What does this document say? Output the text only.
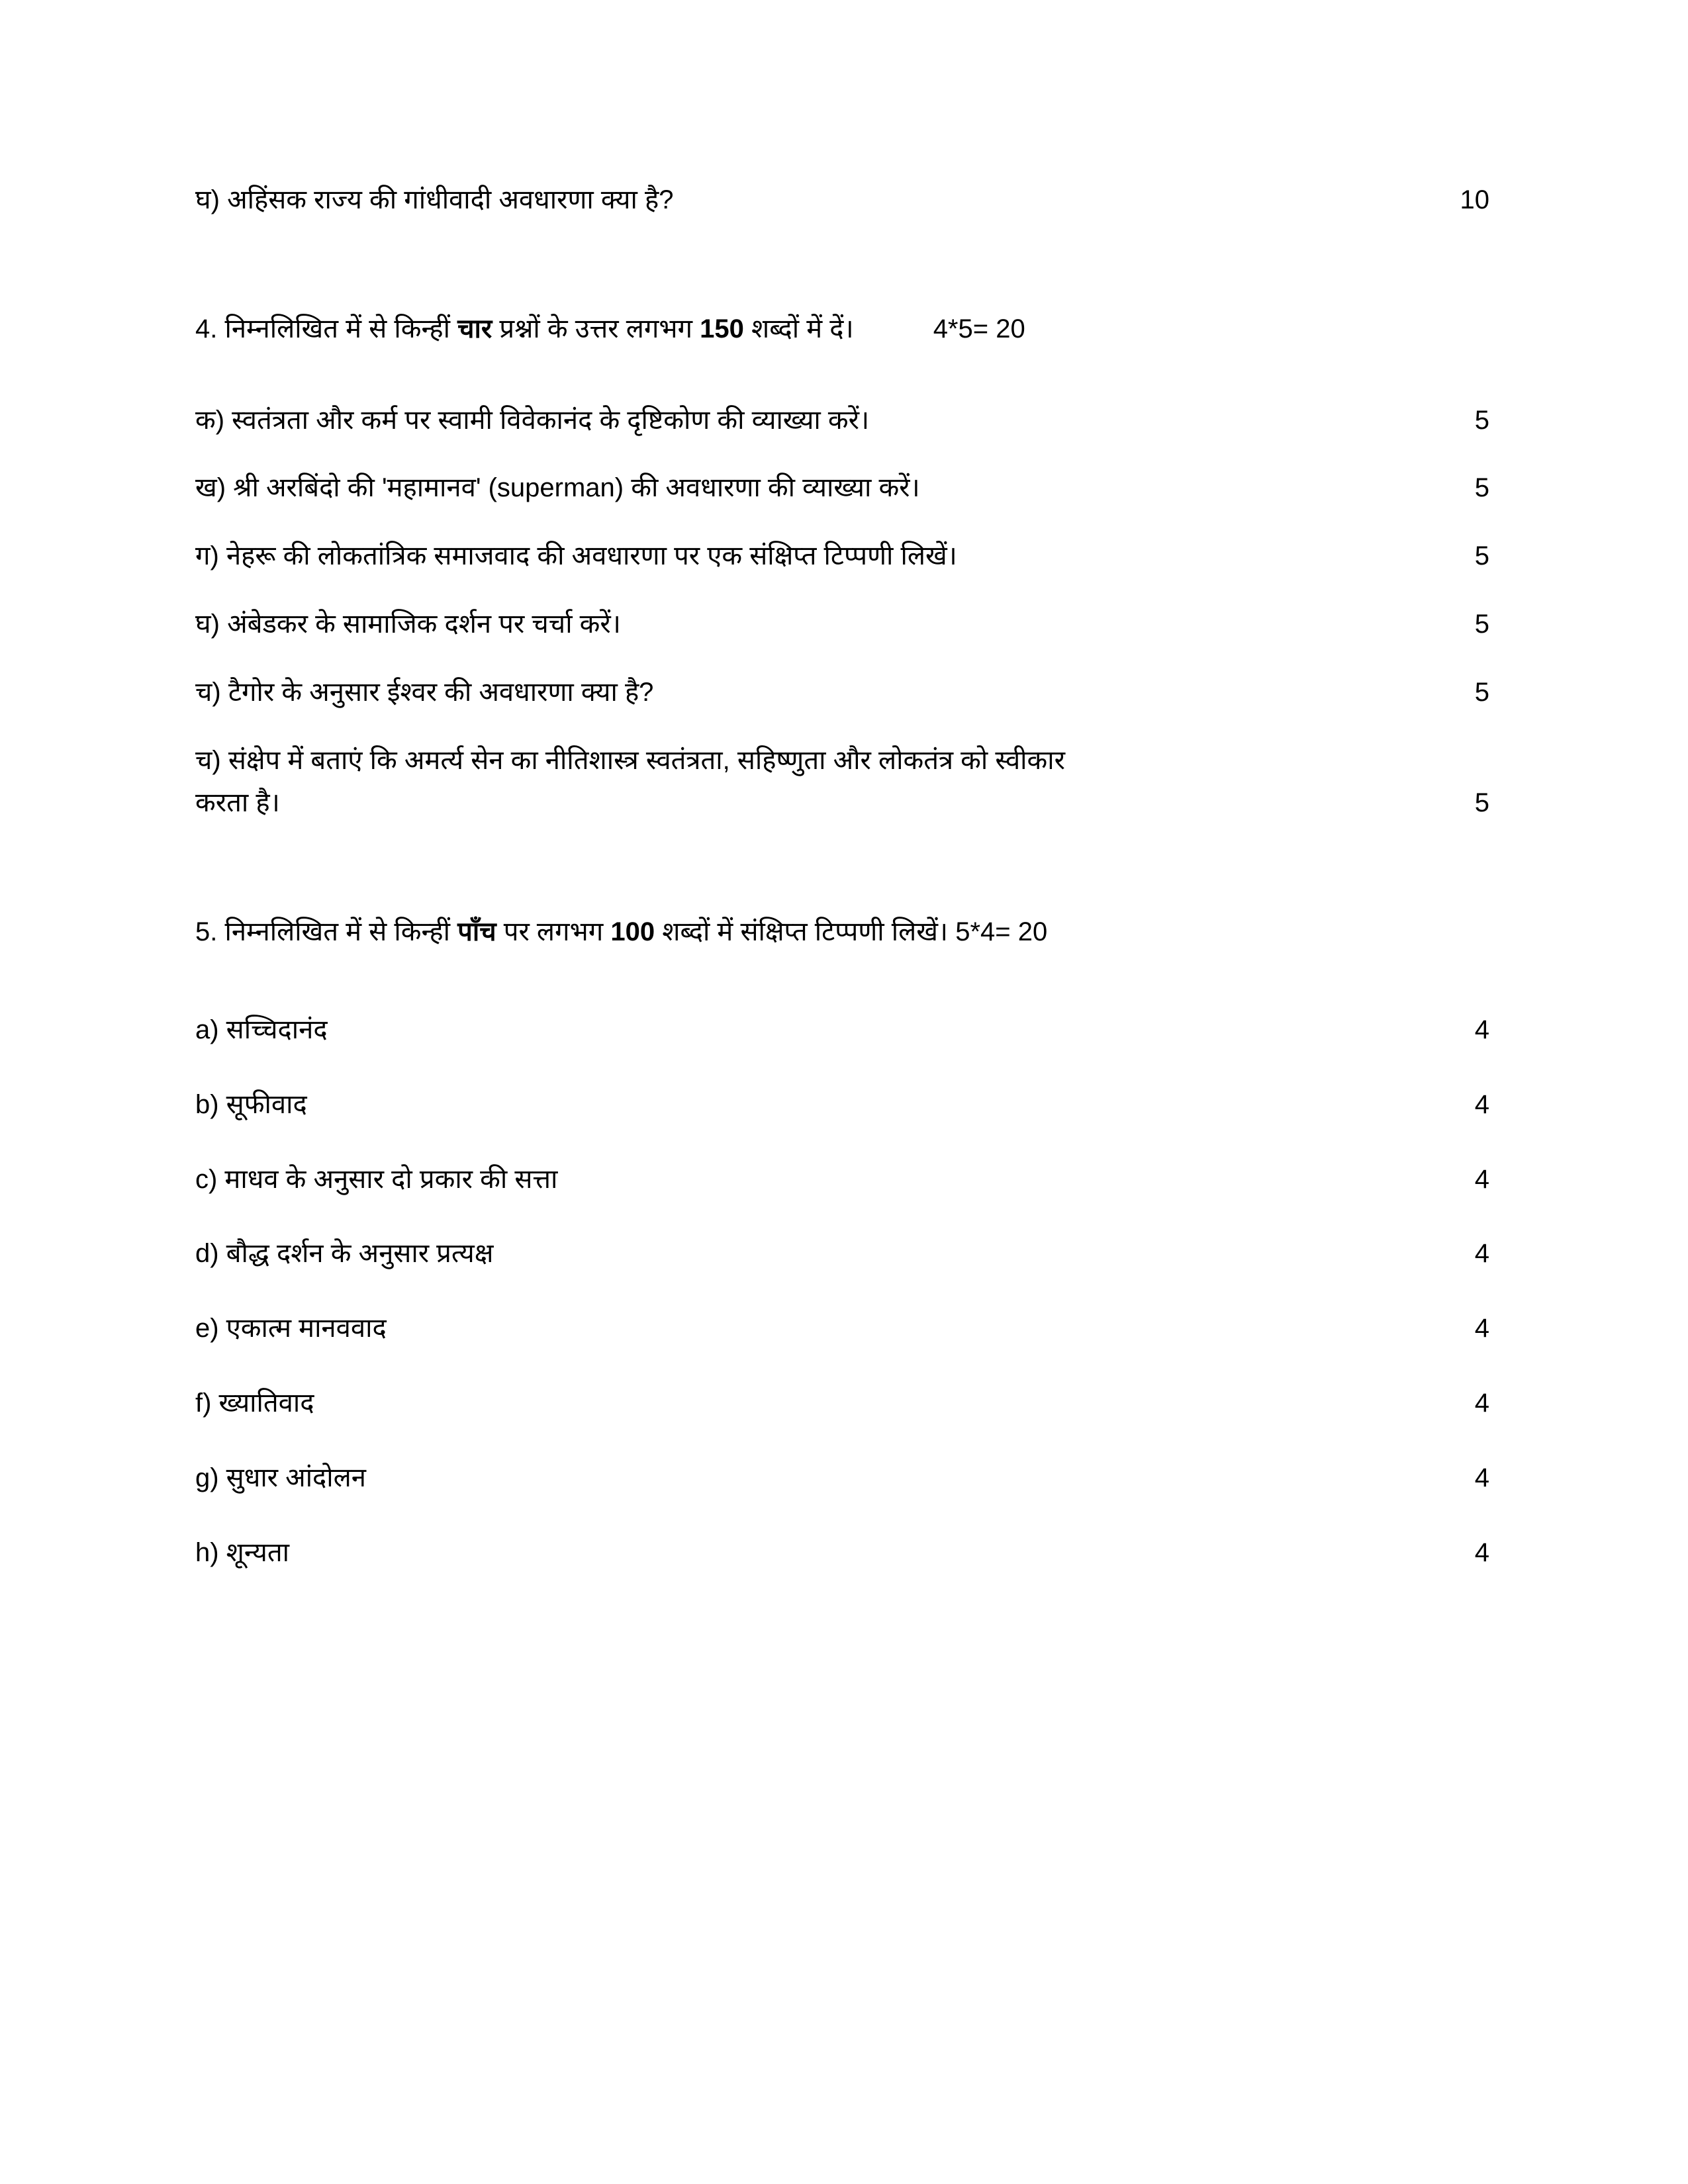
घ) अहिंसक राज्य की गांधीवादी अवधारणा क्या है?	10
4. निम्नलिखित में से किन्हीं चार प्रश्नों के उत्तर लगभग 150 शब्दों में दें।	4*5= 20
क) स्वतंत्रता और कर्म पर स्वामी विवेकानंद के दृष्टिकोण की व्याख्या करें।	5
ख) श्री अरबिंदो की 'महामानव' (superman) की अवधारणा की व्याख्या करें।	5
ग) नेहरू की लोकतांत्रिक समाजवाद की अवधारणा पर एक संक्षिप्त टिप्पणी लिखें।	5
घ) अंबेडकर के सामाजिक दर्शन पर चर्चा करें।	5
च) टैगोर के अनुसार ईश्वर की अवधारणा क्या है?	5
च) संक्षेप में बताएं कि अमर्त्य सेन का नीतिशास्त्र स्वतंत्रता, सहिष्णुता और लोकतंत्र को स्वीकार
करता है।	5
5. निम्नलिखित में से किन्हीं पाँच पर लगभग 100 शब्दों में संक्षिप्त टिप्पणी लिखें। 5*4= 20
a) सच्चिदानंद	4
b) सूफीवाद	4
c) माधव के अनुसार दो प्रकार की सत्ता	4
d) बौद्ध दर्शन के अनुसार प्रत्यक्ष	4
e) एकात्म मानववाद	4
f) ख्यातिवाद	4
g) सुधार आंदोलन	4
h) शून्यता	4
